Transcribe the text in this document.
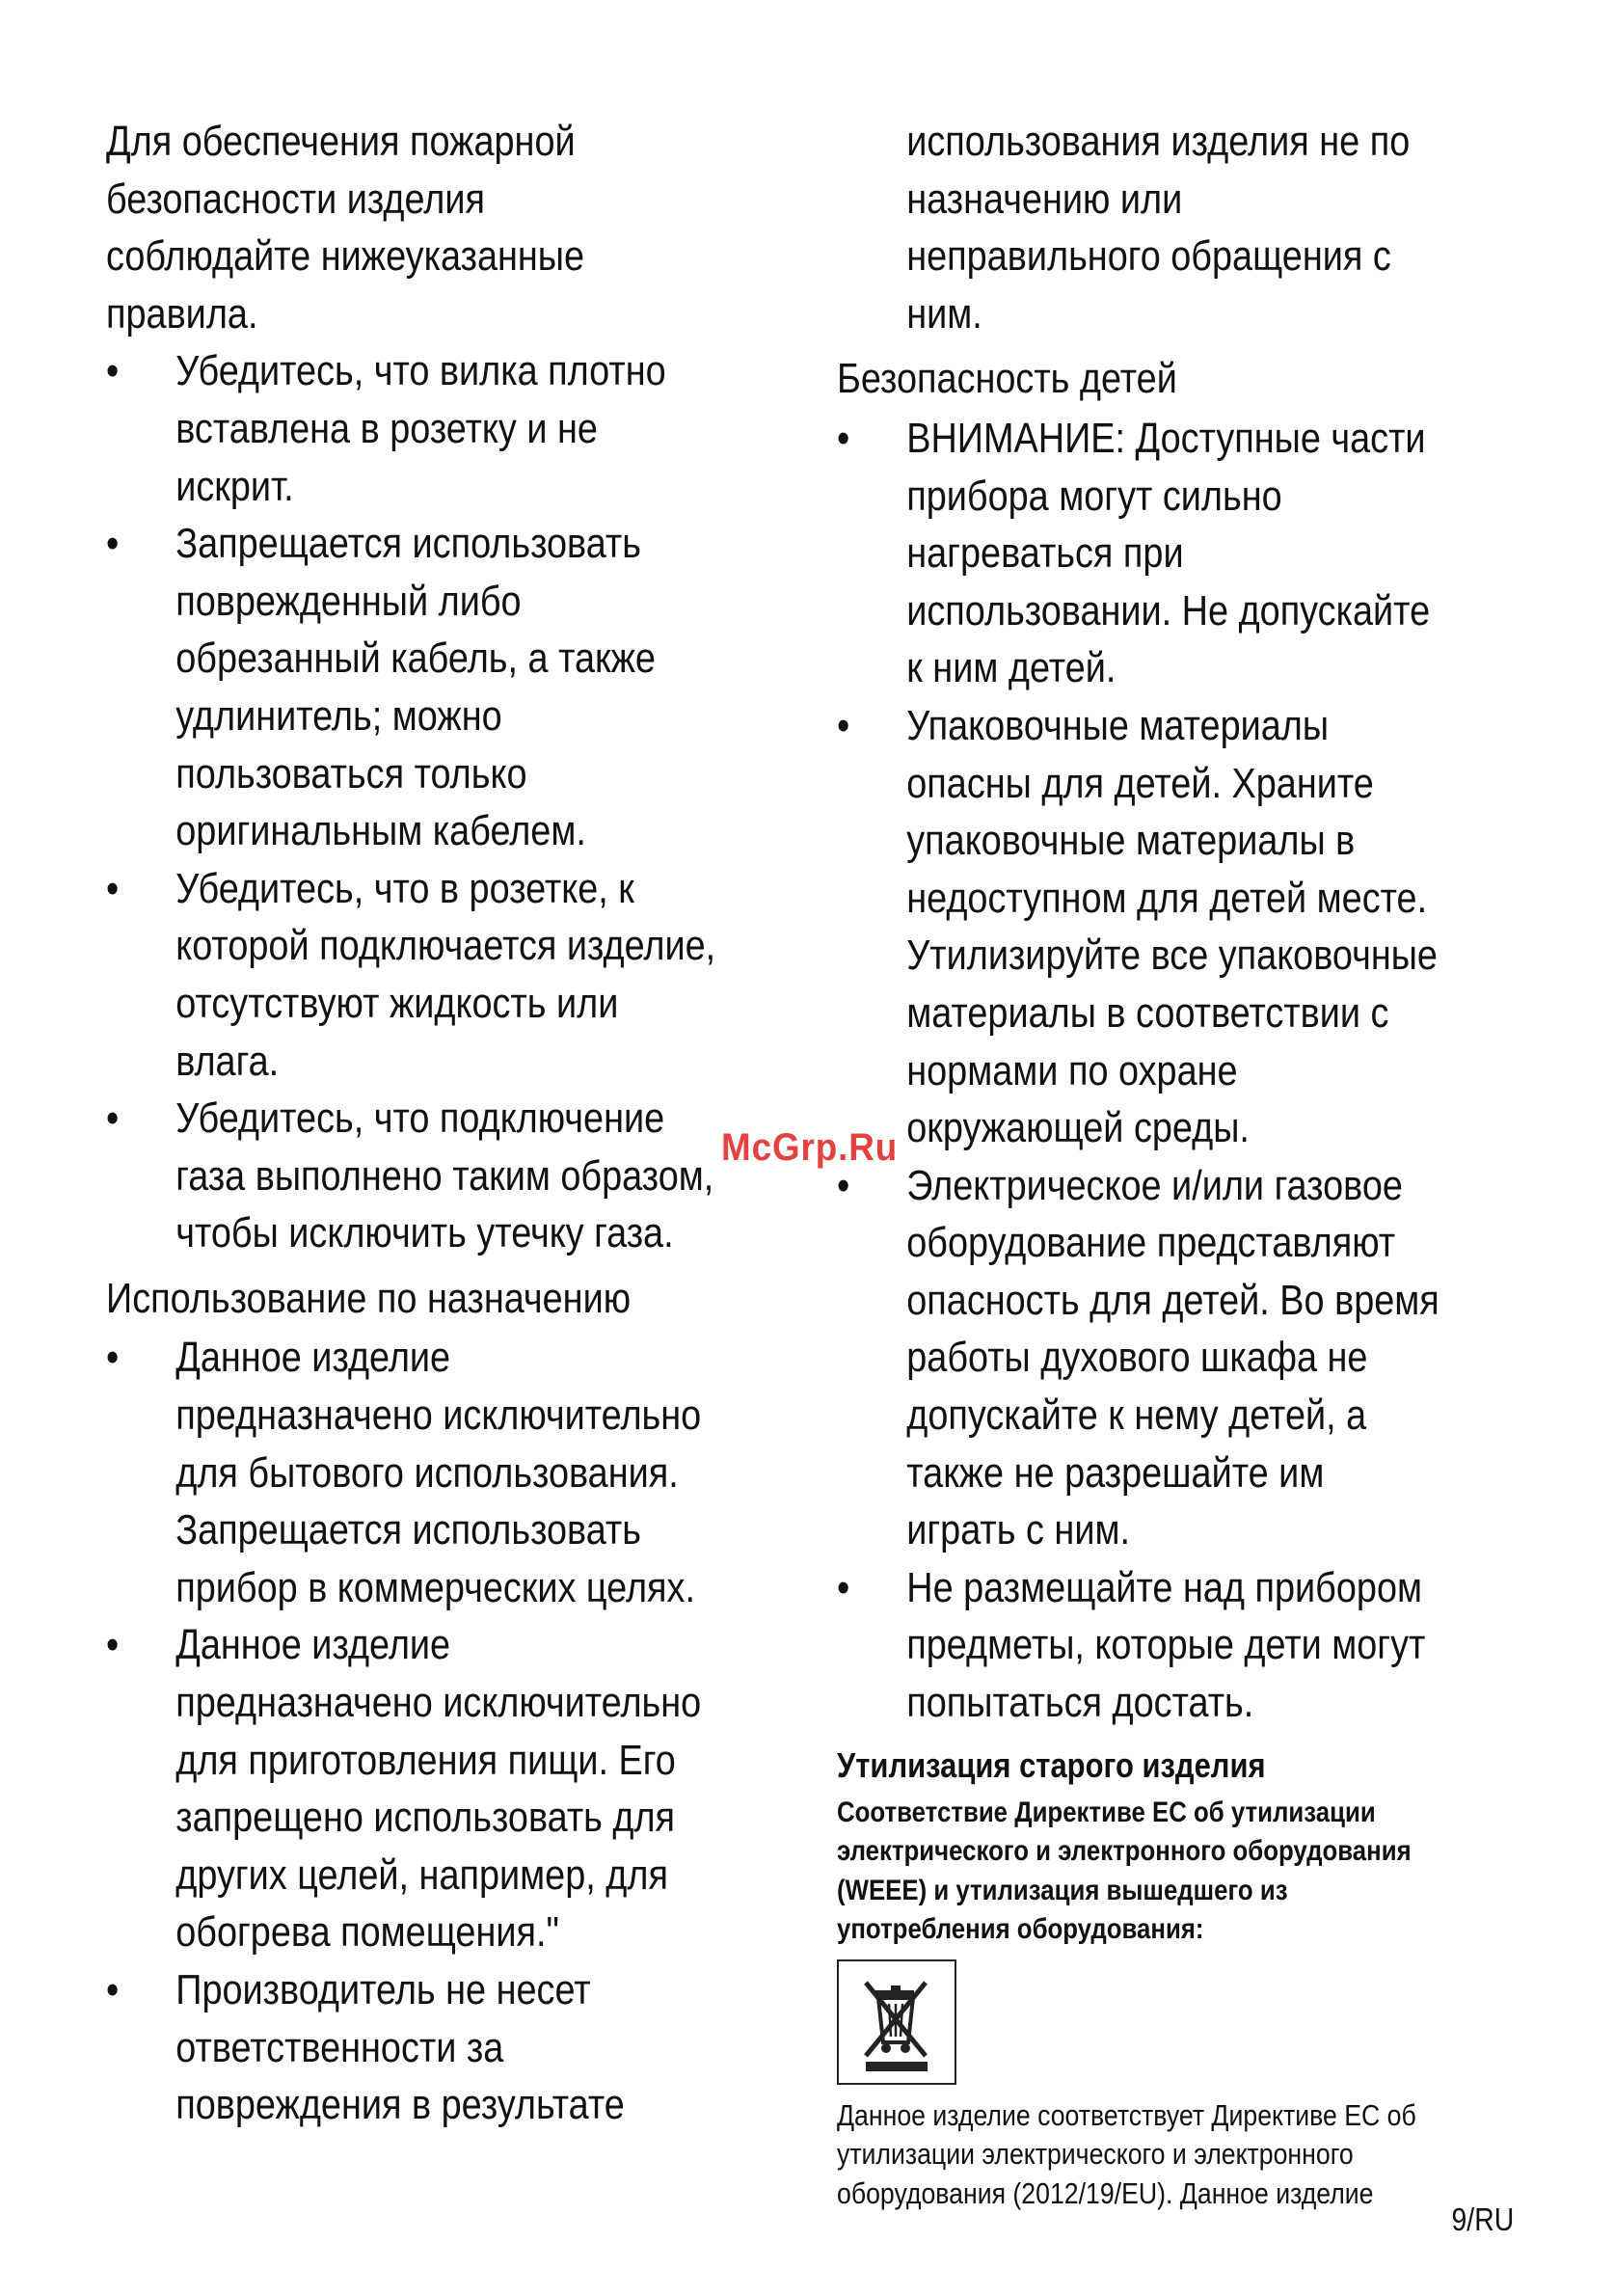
Для обеспечения пожарной
безопасности изделия
соблюдайте нижеуказанные
правила.

• Убедитесь, что вилка плотно
вставлена в розетку и не
искрит.
• Запрещается использовать
поврежденный либо
обрезанный кабель, а также
удлинитель; можно
пользоваться только
оригинальным кабелем.
• Убедитесь, что в розетке, к
которой подключается изделие,
отсутствуют жидкость или
влага.
• Убедитесь, что подключение
газа выполнено таким образом,
чтобы исключить утечку газа.

Использование по назначению

• Данное изделие
предназначено исключительно
для бытового использования.
Запрещается использовать
прибор в коммерческих целях.
• Данное изделие
предназначено исключительно
для приготовления пищи. Его
запрещено использовать для
других целей, например, для
обогрева помещения."
• Производитель не несет
ответственности за
повреждения в результате

использования изделия не по
назначению или
неправильного обращения с
ним.

Безопасность детей

• ВНИМАНИЕ: Доступные части
прибора могут сильно
нагреваться при
использовании. Не допускайте
к ним детей.
• Упаковочные материалы
опасны для детей. Храните
упаковочные материалы в
недоступном для детей месте.
Утилизируйте все упаковочные
материалы в соответствии с
нормами по охране
окружающей среды.
• Электрическое и/или газовое
оборудование представляют
опасность для детей. Во время
работы духового шкафа не
допускайте к нему детей, а
также не разрешайте им
играть с ним.
• Не размещайте над прибором
предметы, которые дети могут
попытаться достать.

Утилизация старого изделия

Соответствие Директиве ЕС об утилизации
электрического и электронного оборудования
(WEEE) и утилизация вышедшего из
употребления оборудования:

Данное изделие соответствует Директиве ЕС об
утилизации электрического и электронного
оборудования (2012/19/EU). Данное изделие

McGrp.Ru
9/RU
